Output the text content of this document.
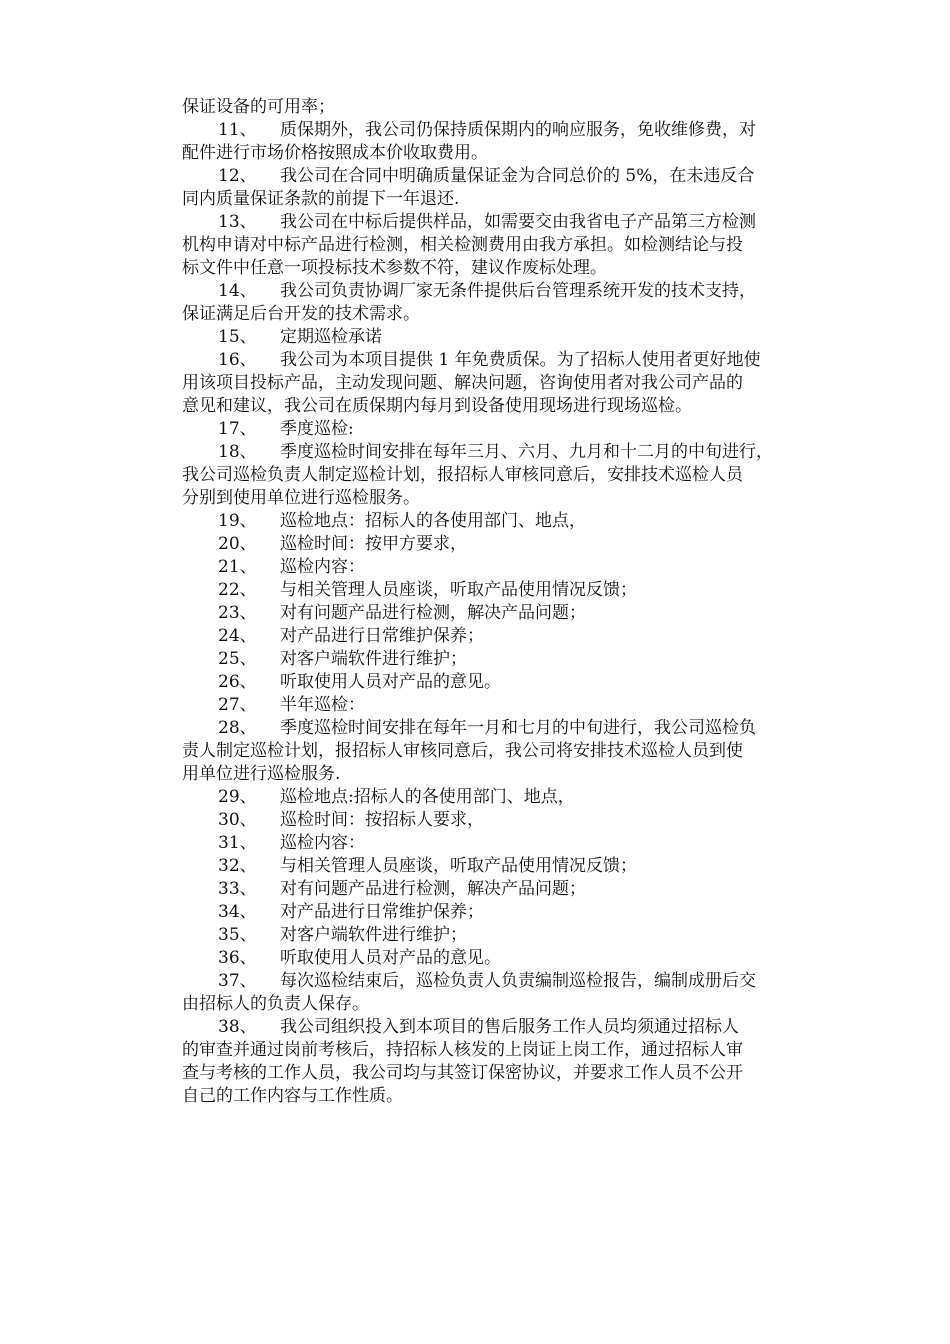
保证设备的可用率；
11、 质保期外，我公司仍保持质保期内的响应服务，免收维修费，对
配件进行市场价格按照成本价收取费用。
12、 我公司在合同中明确质量保证金为合同总价的 5%，在未违反合
同内质量保证条款的前提下一年退还.
13、 我公司在中标后提供样品，如需要交由我省电子产品第三方检测
机构申请对中标产品进行检测，相关检测费用由我方承担。如检测结论与投
标文件中任意一项投标技术参数不符，建议作废标处理。
14、 我公司负责协调厂家无条件提供后台管理系统开发的技术支持，
保证满足后台开发的技术需求。
15、 定期巡检承诺
16、 我公司为本项目提供 1 年免费质保。为了招标人使用者更好地使
用该项目投标产品，主动发现问题、解决问题，咨询使用者对我公司产品的
意见和建议，我公司在质保期内每月到设备使用现场进行现场巡检。
17、 季度巡检:
18、 季度巡检时间安排在每年三月、六月、九月和十二月的中旬进行，
我公司巡检负责人制定巡检计划，报招标人审核同意后，安排技术巡检人员
分别到使用单位进行巡检服务。
19、 巡检地点：招标人的各使用部门、地点，
20、 巡检时间：按甲方要求，
21、 巡检内容：
22、 与相关管理人员座谈，听取产品使用情况反馈；
23、 对有问题产品进行检测，解决产品问题；
24、 对产品进行日常维护保养；
25、 对客户端软件进行维护；
26、 听取使用人员对产品的意见。
27、 半年巡检：
28、 季度巡检时间安排在每年一月和七月的中旬进行，我公司巡检负
责人制定巡检计划，报招标人审核同意后，我公司将安排技术巡检人员到使
用单位进行巡检服务.
29、 巡检地点:招标人的各使用部门、地点，
30、 巡检时间：按招标人要求，
31、 巡检内容：
32、 与相关管理人员座谈，听取产品使用情况反馈；
33、 对有问题产品进行检测，解决产品问题；
34、 对产品进行日常维护保养；
35、 对客户端软件进行维护；
36、 听取使用人员对产品的意见。
37、 每次巡检结束后，巡检负责人负责编制巡检报告，编制成册后交
由招标人的负责人保存。
38、 我公司组织投入到本项目的售后服务工作人员均须通过招标人
的审查并通过岗前考核后，持招标人核发的上岗证上岗工作，通过招标人审
查与考核的工作人员，我公司均与其签订保密协议，并要求工作人员不公开
自己的工作内容与工作性质。
